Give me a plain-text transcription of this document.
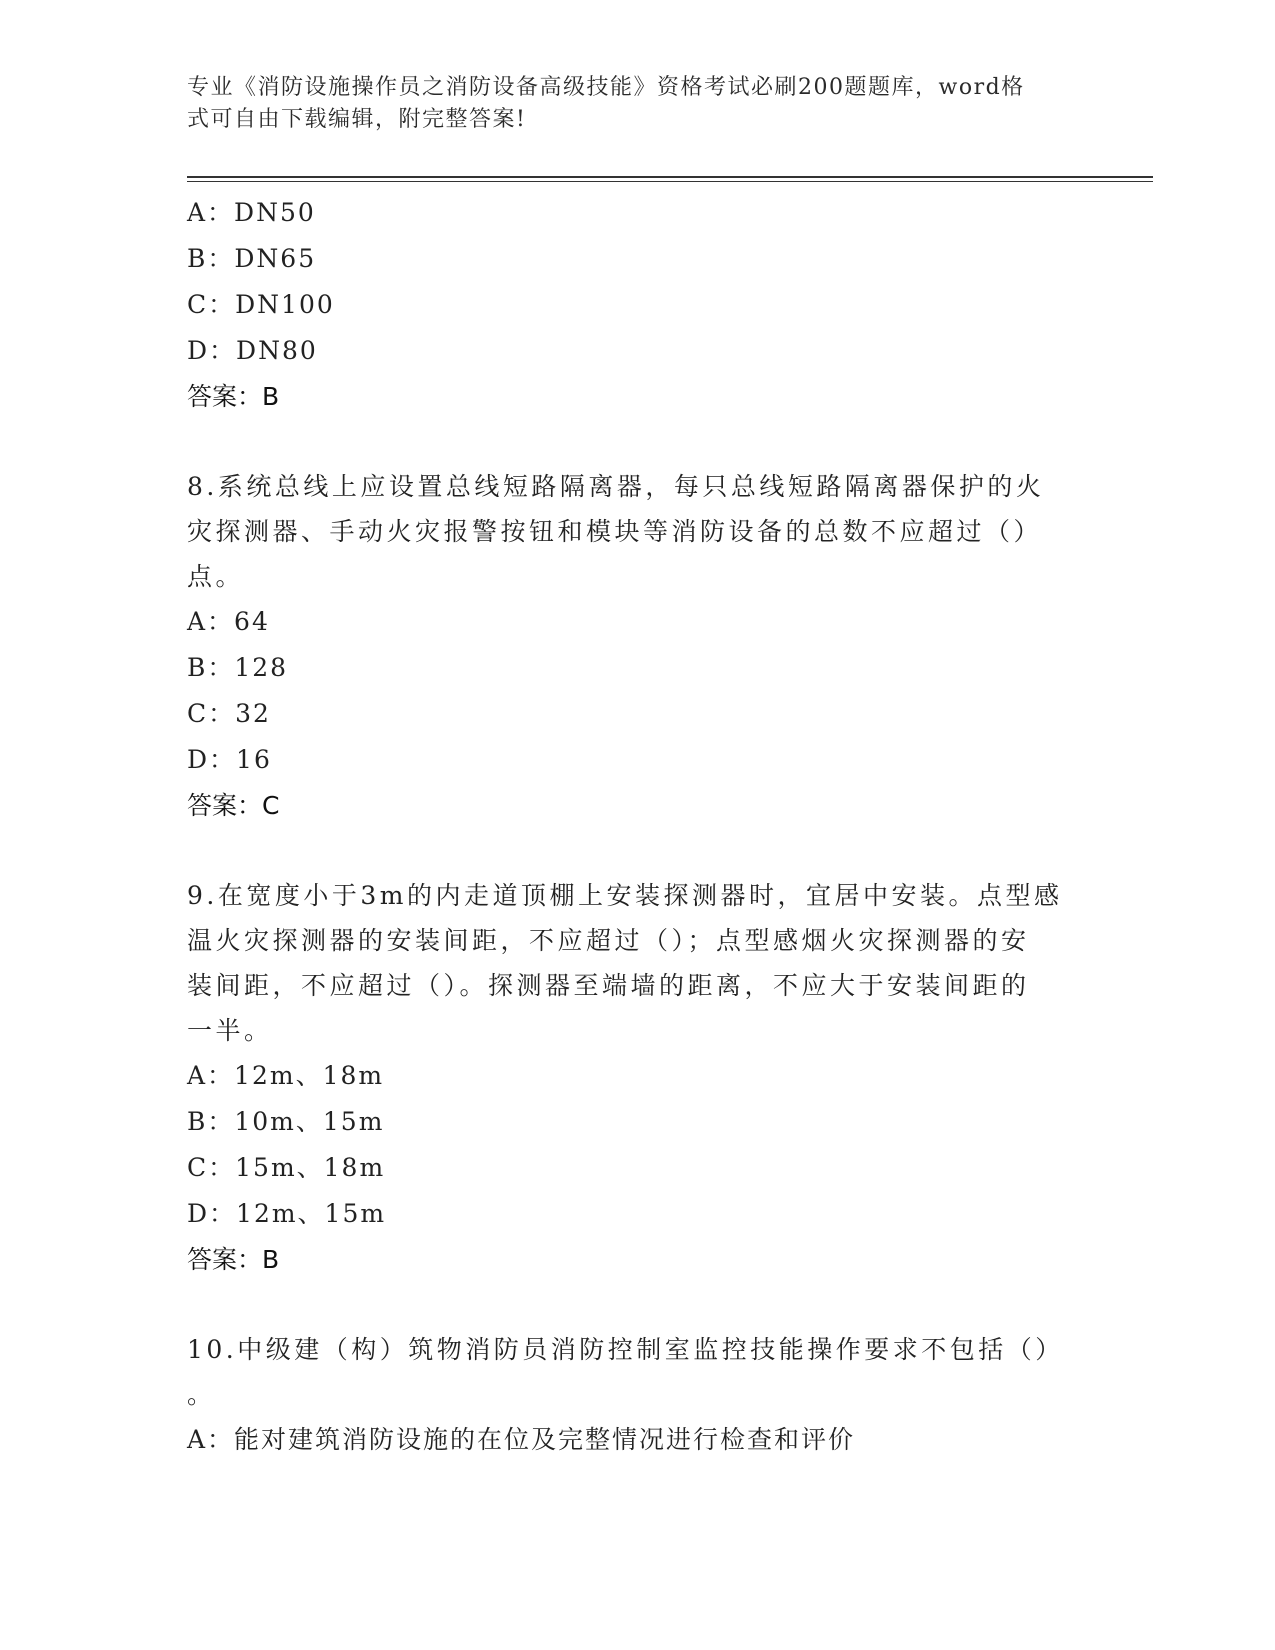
专业《消防设施操作员之消防设备高级技能》资格考试必刷200题题库，word格
式可自由下载编辑，附完整答案!
A：DN50
B：DN65
C：DN100
D：DN80
答案：B
8.系统总线上应设置总线短路隔离器，每只总线短路隔离器保护的火
灾探测器、手动火灾报警按钮和模块等消防设备的总数不应超过（）
点。
A：64
B：128
C：32
D：16
答案：C
9.在宽度小于3m的内走道顶棚上安装探测器时，宜居中安装。点型感
温火灾探测器的安装间距，不应超过（）；点型感烟火灾探测器的安
装间距，不应超过（）。探测器至端墙的距离，不应大于安装间距的
一半。
A：12m、18m
B：10m、15m
C：15m、18m
D：12m、15m
答案：B
10.中级建（构）筑物消防员消防控制室监控技能操作要求不包括（）
。
A：能对建筑消防设施的在位及完整情况进行检查和评价
